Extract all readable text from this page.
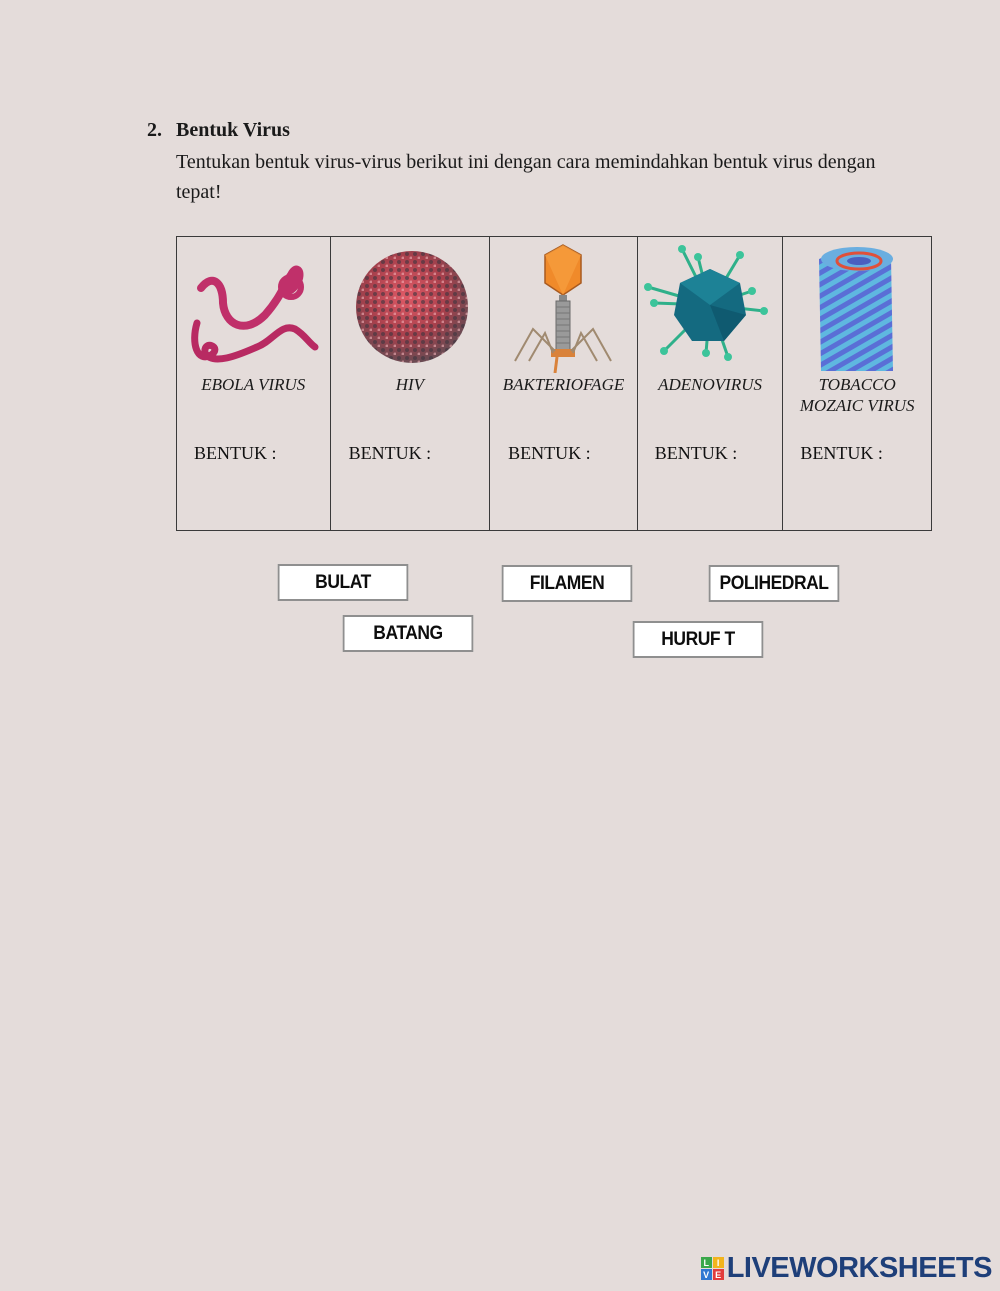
2. Bentuk Virus
Tentukan bentuk virus-virus berikut ini dengan cara memindahkan bentuk virus dengan tepat!
EBOLA VIRUS
BENTUK :
HIV
BENTUK :
BAKTERIOFAGE
BENTUK :
ADENOVIRUS
BENTUK :
TOBACCO
MOZAIC VIRUS
BENTUK :
BULAT	FILAMEN	POLIHEDRAL
BATANG	HURUF T
L I
V E LIVEWORKSHEETS
